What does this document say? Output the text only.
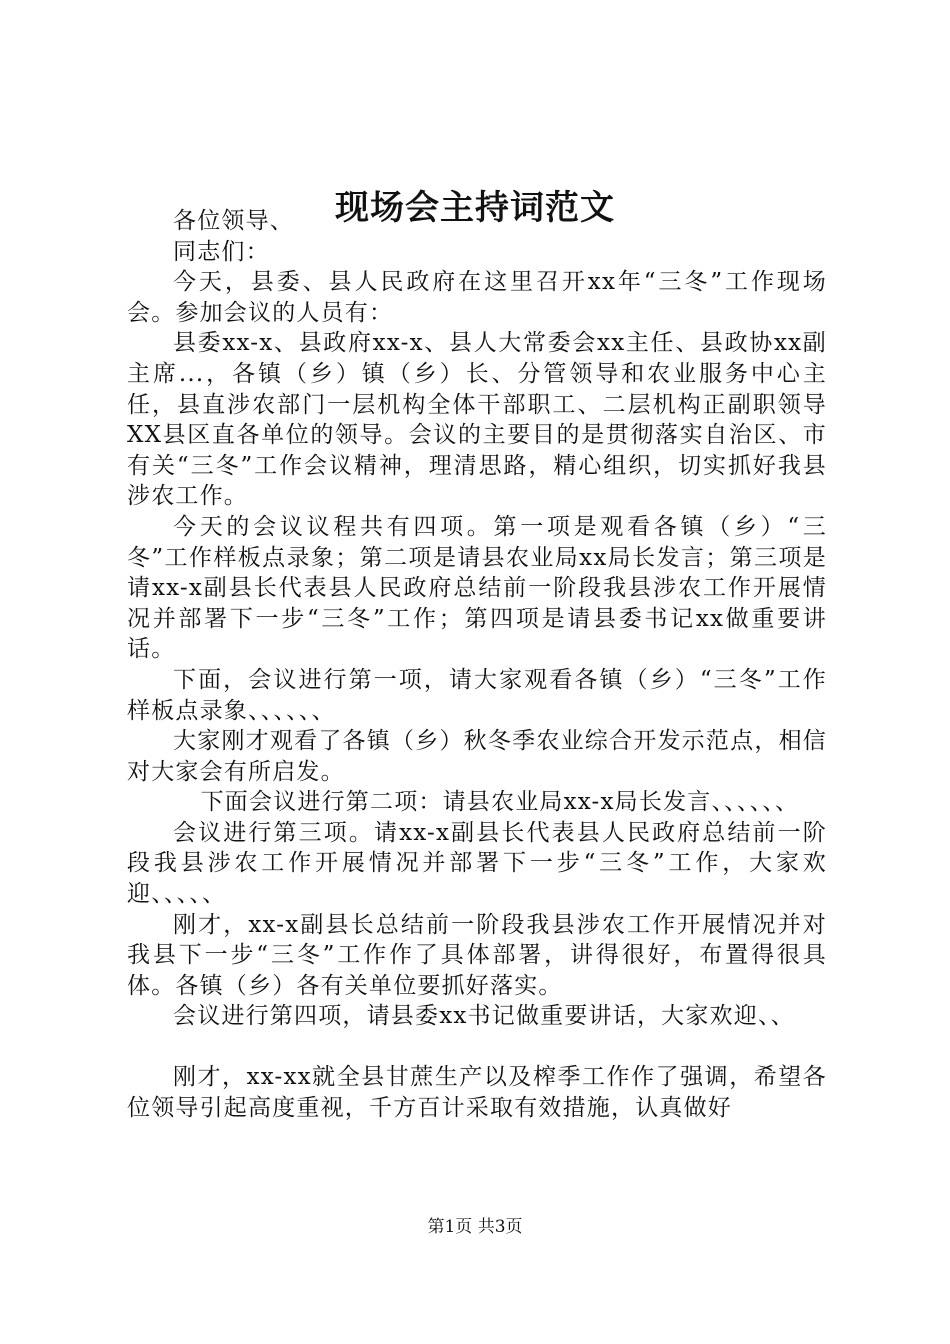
现场会主持词范文

各位领导、

同志们：

今天，县委、县人民政府在这里召开xx年“三冬”工作现场会。参加会议的人员有：

县委xx-x、县政府xx-x、县人大常委会xx主任、县政协xx副主席...，各镇（乡）镇（乡）长、分管领导和农业服务中心主任，县直涉农部门一层机构全体干部职工、二层机构正副职领导XX县区直各单位的领导。会议的主要目的是贯彻落实自治区、市有关“三冬”工作会议精神，理清思路，精心组织，切实抓好我县涉农工作。

今天的会议议程共有四项。第一项是观看各镇（乡）“三冬”工作样板点录象；第二项是请县农业局xx局长发言；第三项是请xx-x副县长代表县人民政府总结前一阶段我县涉农工作开展情况并部署下一步“三冬”工作；第四项是请县委书记xx做重要讲话。

下面，会议进行第一项，请大家观看各镇（乡）“三冬”工作样板点录象、、、、、、

大家刚才观看了各镇（乡）秋冬季农业综合开发示范点，相信对大家会有所启发。

下面会议进行第二项：请县农业局xx-x局长发言、、、、、、

会议进行第三项。请xx-x副县长代表县人民政府总结前一阶段我县涉农工作开展情况并部署下一步“三冬”工作，大家欢迎、、、、、

刚才，xx-x副县长总结前一阶段我县涉农工作开展情况并对我县下一步“三冬”工作作了具体部署，讲得很好，布置得很具体。各镇（乡）各有关单位要抓好落实。

会议进行第四项，请县委xx书记做重要讲话，大家欢迎、、

刚才，xx-xx就全县甘蔗生产以及榨季工作作了强调，希望各位领导引起高度重视，千方百计采取有效措施，认真做好

第1页 共3页
